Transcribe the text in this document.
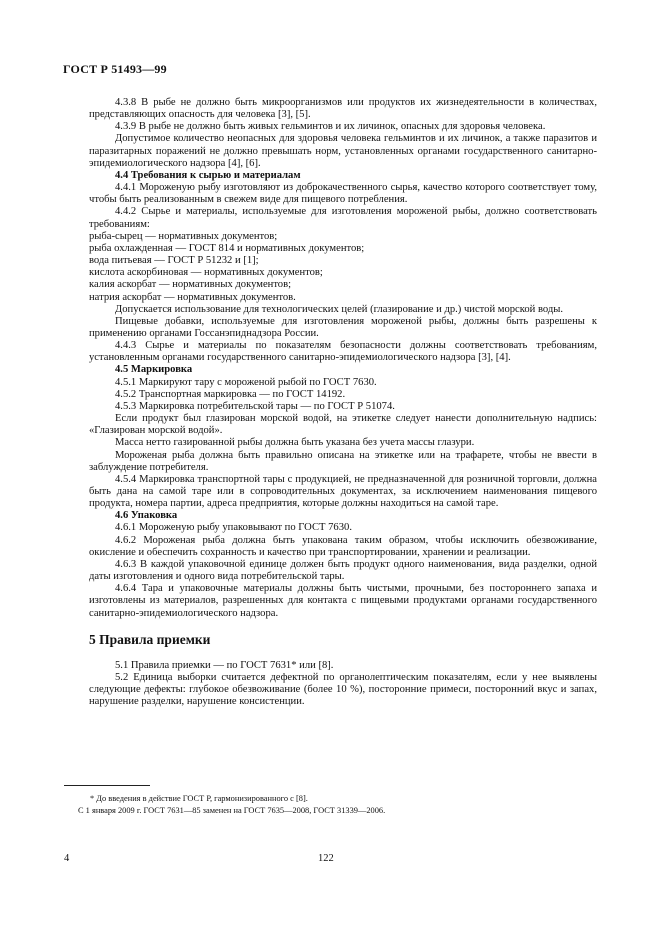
ГОСТ Р 51493—99

4.3.8 В рыбе не должно быть микроорганизмов или продуктов их жизнедеятельности в количествах, представляющих опасность для человека [3], [5].

4.3.9 В рыбе не должно быть живых гельминтов и их личинок, опасных для здоровья человека.

Допустимое количество неопасных для здоровья человека гельминтов и их личинок, а также паразитов и паразитарных поражений не должно превышать норм, установленных органами государственного санитарно-эпидемиологического надзора [4], [6].

4.4 Требования к сырью и материалам

4.4.1 Мороженую рыбу изготовляют из доброкачественного сырья, качество которого соответствует тому, чтобы быть реализованным в свежем виде для пищевого потребления.

4.4.2 Сырье и материалы, используемые для изготовления мороженой рыбы, должно соответствовать требованиям:

рыба-сырец — нормативных документов;

рыба охлажденная — ГОСТ 814 и нормативных документов;

вода питьевая — ГОСТ Р 51232 и [1];

кислота аскорбиновая — нормативных документов;

калия аскорбат — нормативных документов;

натрия аскорбат — нормативных документов.

Допускается использование для технологических целей (глазирование и др.) чистой морской воды.

Пищевые добавки, используемые для изготовления мороженой рыбы, должны быть разрешены к применению органами Госсанэпиднадзора России.

4.4.3 Сырье и материалы по показателям безопасности должны соответствовать требованиям, установленным органами государственного санитарно-эпидемиологического надзора [3], [4].

4.5 Маркировка

4.5.1 Маркируют тару с мороженой рыбой по ГОСТ 7630.

4.5.2 Транспортная маркировка — по ГОСТ 14192.

4.5.3 Маркировка потребительской тары — по ГОСТ Р 51074.

Если продукт был глазирован морской водой, на этикетке следует нанести дополнительную надпись: «Глазирован морской водой».

Масса нетто газированной рыбы должна быть указана без учета массы глазури.

Мороженая рыба должна быть правильно описана на этикетке или на трафарете, чтобы не ввести в заблуждение потребителя.

4.5.4 Маркировка транспортной тары с продукцией, не предназначенной для розничной торговли, должна быть дана на самой таре или в сопроводительных документах, за исключением наименования пищевого продукта, номера партии, адреса предприятия, которые должны находиться на самой таре.

4.6 Упаковка

4.6.1 Мороженую рыбу упаковывают по ГОСТ 7630.

4.6.2 Мороженая рыба должна быть упакована таким образом, чтобы исключить обезвоживание, окисление и обеспечить сохранность и качество при транспортировании, хранении и реализации.

4.6.3 В каждой упаковочной единице должен быть продукт одного наименования, вида разделки, одной даты изготовления и одного вида потребительской тары.

4.6.4 Тара и упаковочные материалы должны быть чистыми, прочными, без постороннего запаха и изготовлены из материалов, разрешенных для контакта с пищевыми продуктами органами государственного санитарно-эпидемиологического надзора.

5 Правила приемки

5.1 Правила приемки — по ГОСТ 7631* или [8].

5.2 Единица выборки считается дефектной по органолептическим показателям, если у нее выявлены следующие дефекты: глубокое обезвоживание (более 10 %), посторонние примеси, посторонний вкус и запах, нарушение разделки, нарушение консистенции.

* До введения в действие ГОСТ Р, гармонизированного с [8].
С 1 января 2009 г. ГОСТ 7631—85 заменен на ГОСТ 7635—2008, ГОСТ 31339—2006.
4	122
